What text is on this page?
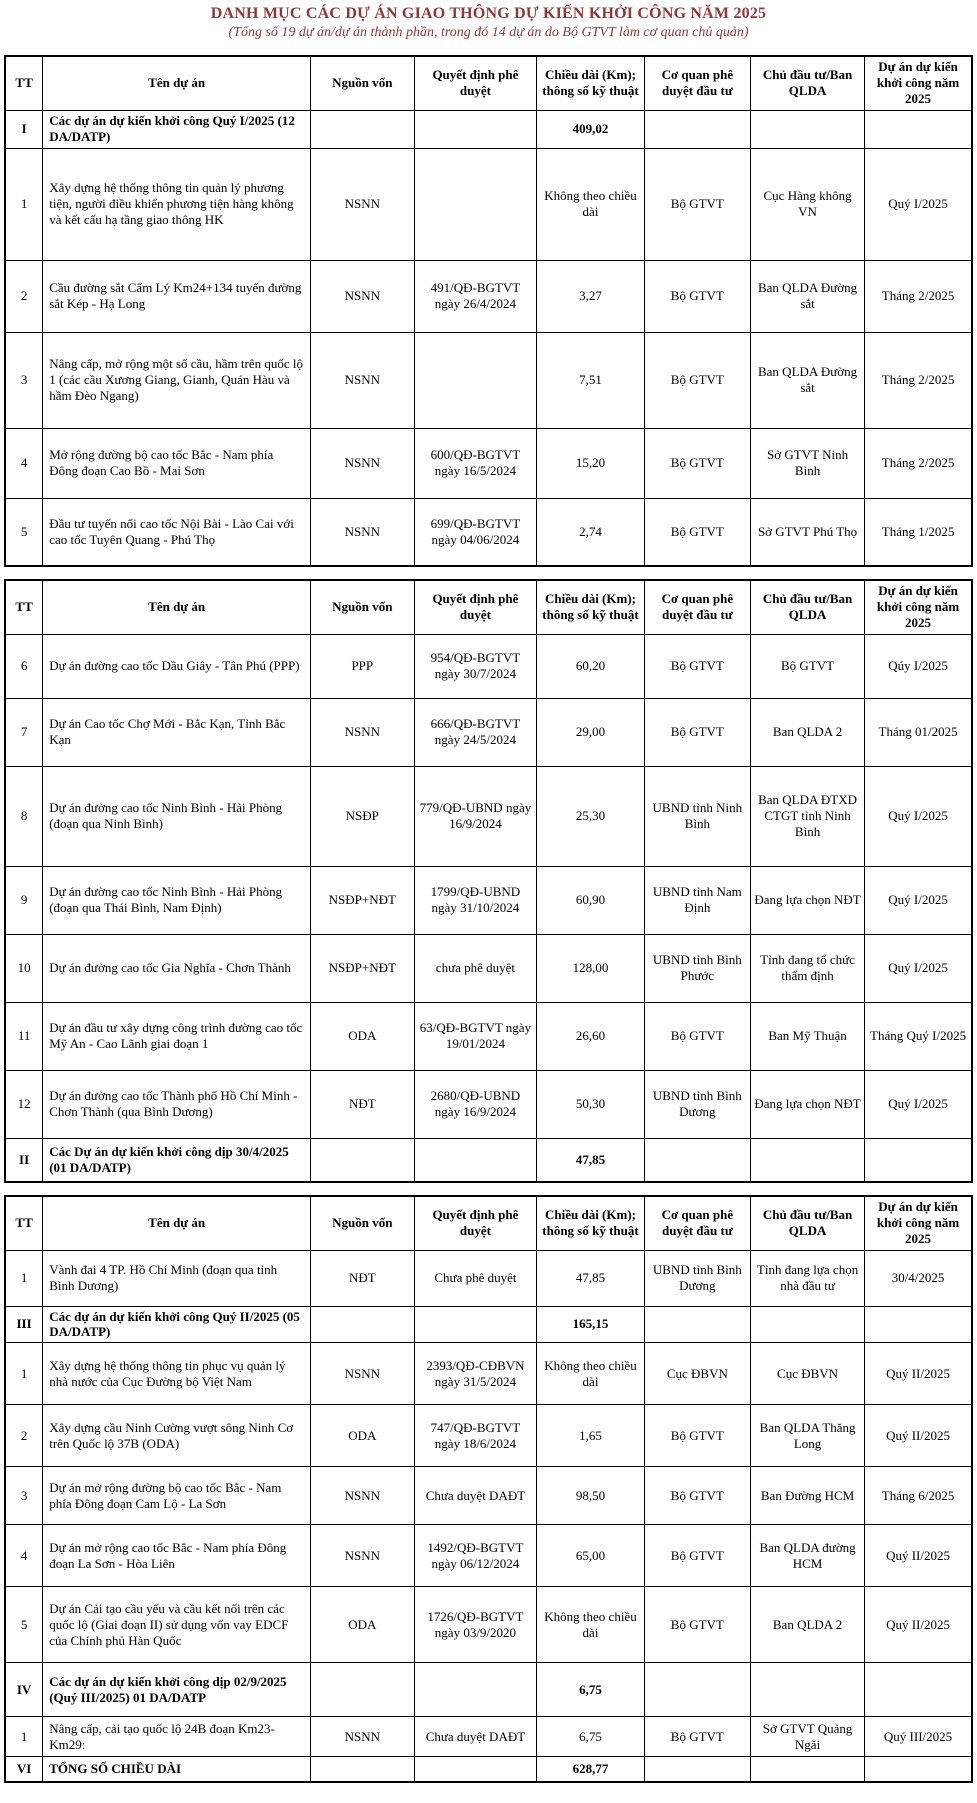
DANH MỤC CÁC DỰ ÁN GIAO THÔNG DỰ KIẾN KHỞI CÔNG NĂM 2025
(Tổng số 19 dự án/dự án thành phần, trong đó 14 dự án do Bộ GTVT làm cơ quan chủ quản)
TT	Tên dự án	Nguồn vốn	Quyết định phê duyệt	Chiều dài (Km); thông số kỹ thuật	Cơ quan phê duyệt đầu tư	Chủ đầu tư/Ban QLDA	Dự án dự kiến khởi công năm 2025
I	Các dự án dự kiến khởi công Quý I/2025 (12 DA/DATP)			409,02			
1	Xây dựng hệ thống thông tin quản lý phương tiện, người điều khiển phương tiện hàng không và kết cấu hạ tầng giao thông HK	NSNN		Không theo chiều dài	Bộ GTVT	Cục Hàng không VN	Quý I/2025
2	Cầu đường sắt Cẩm Lý Km24+134 tuyến đường sắt Kép - Hạ Long	NSNN	491/QĐ-BGTVT ngày 26/4/2024	3,27	Bộ GTVT	Ban QLDA Đường sắt	Tháng 2/2025
3	Nâng cấp, mở rộng một số cầu, hầm trên quốc lộ 1 (các cầu Xương Giang, Gianh, Quán Hàu và hầm Đèo Ngang)	NSNN		7,51	Bộ GTVT	Ban QLDA Đường sắt	Tháng 2/2025
4	Mở rộng đường bộ cao tốc Bắc - Nam phía Đông đoạn Cao Bồ - Mai Sơn	NSNN	600/QĐ-BGTVT ngày 16/5/2024	15,20	Bộ GTVT	Sở GTVT Ninh Bình	Tháng 2/2025
5	Đầu tư tuyến nối cao tốc Nội Bài - Lào Cai với cao tốc Tuyên Quang - Phú Thọ	NSNN	699/QĐ-BGTVT ngày 04/06/2024	2,74	Bộ GTVT	Sở GTVT Phú Thọ	Tháng 1/2025
TT	Tên dự án	Nguồn vốn	Quyết định phê duyệt	Chiều dài (Km); thông số kỹ thuật	Cơ quan phê duyệt đầu tư	Chủ đầu tư/Ban QLDA	Dự án dự kiến khởi công năm 2025
6	Dự án đường cao tốc Dầu Giây - Tân Phú (PPP)	PPP	954/QĐ-BGTVT ngày 30/7/2024	60,20	Bộ GTVT	Bộ GTVT	Qúy I/2025
7	Dự án Cao tốc Chợ Mới - Bắc Kạn, Tỉnh Bắc Kạn	NSNN	666/QĐ-BGTVT ngày 24/5/2024	29,00	Bộ GTVT	Ban QLDA 2	Tháng 01/2025
8	Dự án đường cao tốc Ninh Bình - Hải Phòng (đoạn qua Ninh Bình)	NSĐP	779/QĐ-UBND ngày 16/9/2024	25,30	UBND tỉnh Ninh Bình	Ban QLDA ĐTXD CTGT tỉnh Ninh Bình	Quý I/2025
9	Dự án đường cao tốc Ninh Bình - Hải Phòng (đoạn qua Thái Bình, Nam Định)	NSĐP+NĐT	1799/QĐ-UBND ngày 31/10/2024	60,90	UBND tỉnh Nam Định	Đang lựa chọn NĐT	Quý I/2025
10	Dự án đường cao tốc Gia Nghĩa - Chơn Thành	NSĐP+NĐT	chưa phê duyệt	128,00	UBND tỉnh Bình Phước	Tỉnh đang tổ chức thẩm định	Quý I/2025
11	Dự án đầu tư xây dựng công trình đường cao tốc Mỹ An - Cao Lãnh giai đoạn 1	ODA	63/QĐ-BGTVT ngày 19/01/2024	26,60	Bộ GTVT	Ban Mỹ Thuận	Tháng Quý I/2025
12	Dự án đường cao tốc Thành phố Hồ Chí Minh - Chơn Thành (qua Bình Dương)	NĐT	2680/QĐ-UBND ngày 16/9/2024	50,30	UBND tỉnh Bình Dương	Đang lựa chọn NĐT	Quý I/2025
II	Các Dự án dự kiến khởi công dịp 30/4/2025 (01 DA/DATP)			47,85			
TT	Tên dự án	Nguồn vốn	Quyết định phê duyệt	Chiều dài (Km); thông số kỹ thuật	Cơ quan phê duyệt đầu tư	Chủ đầu tư/Ban QLDA	Dự án dự kiến khởi công năm 2025
1	Vành đai 4 TP. Hồ Chí Minh (đoạn qua tỉnh Bình Dương)	NĐT	Chưa phê duyệt	47,85	UBND tỉnh Bình Dương	Tỉnh đang lựa chọn nhà đầu tư	30/4/2025
III	Các dự án dự kiến khởi công Quý II/2025 (05 DA/DATP)			165,15			
1	Xây dựng hệ thống thông tin phục vụ quản lý nhà nước của Cục Đường bộ Việt Nam	NSNN	2393/QĐ-CĐBVN ngày 31/5/2024	Không theo chiều dài	Cục ĐBVN	Cục ĐBVN	Quý II/2025
2	Xây dựng cầu Ninh Cường vượt sông Ninh Cơ trên Quốc lộ 37B (ODA)	ODA	747/QĐ-BGTVT ngày 18/6/2024	1,65	Bộ GTVT	Ban QLDA Thăng Long	Quý II/2025
3	Dự án mở rộng đường bộ cao tốc Bắc - Nam phía Đông đoạn Cam Lộ - La Sơn	NSNN	Chưa duyệt DAĐT	98,50	Bộ GTVT	Ban Đường HCM	Tháng 6/2025
4	Dự án mở rộng cao tốc Bắc - Nam phía Đông đoạn La Sơn - Hòa Liên	NSNN	1492/QĐ-BGTVT ngày 06/12/2024	65,00	Bộ GTVT	Ban QLDA đường HCM	Quý II/2025
5	Dự án Cải tạo cầu yếu và cầu kết nối trên các quốc lộ (Giai đoạn II) sử dụng vốn vay EDCF của Chính phủ Hàn Quốc	ODA	1726/QĐ-BGTVT ngày 03/9/2020	Không theo chiều dài	Bộ GTVT	Ban QLDA 2	Quý II/2025
IV	Các dự án dự kiến khởi công dịp 02/9/2025 (Quý III/2025) 01 DA/DATP			6,75			
1	Nâng cấp, cải tạo quốc lộ 24B đoạn Km23-Km29:	NSNN	Chưa duyệt DAĐT	6,75	Bộ GTVT	Sở GTVT Quảng Ngãi	Quý III/2025
VI	TỔNG SỐ CHIỀU DÀI			628,77			
